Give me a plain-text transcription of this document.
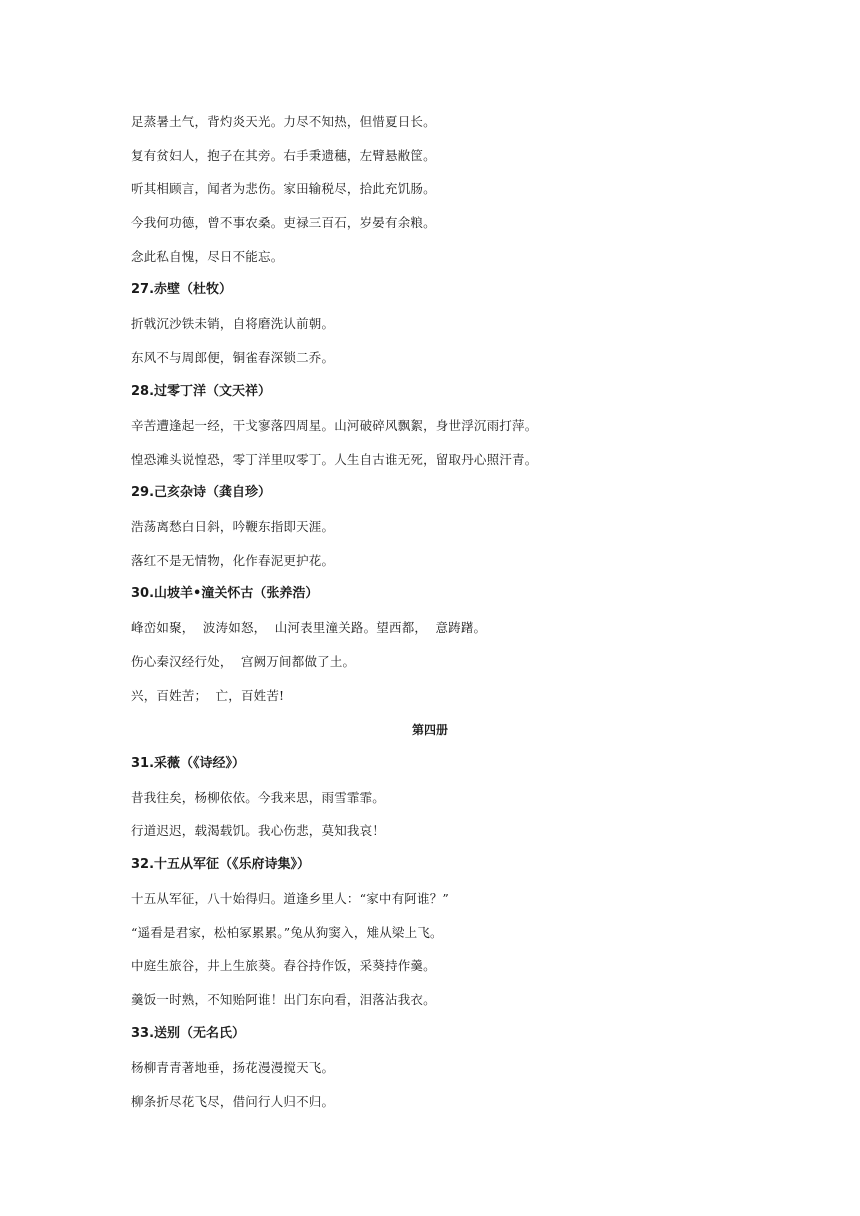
足蒸暑土气，背灼炎天光。力尽不知热，但惜夏日长。
复有贫妇人，抱子在其旁。右手秉遗穗，左臂悬敝筐。
听其相顾言，闻者为悲伤。家田输税尽，拾此充饥肠。
今我何功德，曾不事农桑。吏禄三百石，岁晏有余粮。
念此私自愧，尽日不能忘。
27.赤壁（杜牧）
折戟沉沙铁未销，自将磨洗认前朝。
东风不与周郎便，铜雀春深锁二乔。
28.过零丁洋（文天祥）
辛苦遭逢起一经，干戈寥落四周星。山河破碎风飘絮，身世浮沉雨打萍。
惶恐滩头说惶恐，零丁洋里叹零丁。人生自古谁无死，留取丹心照汗青。
29.己亥杂诗（龚自珍）
浩荡离愁白日斜，吟鞭东指即天涯。
落红不是无情物，化作春泥更护花。
30.山坡羊•潼关怀古（张养浩）
峰峦如聚，  波涛如怒，  山河表里潼关路。望西都，  意踌躇。
伤心秦汉经行处，  宫阙万间都做了土。
兴，百姓苦；  亡，百姓苦!
第四册
31.采薇（《诗经》）
昔我往矣，杨柳依依。今我来思，雨雪霏霏。
行道迟迟，载渴载饥。我心伤悲，莫知我哀！
32.十五从军征（《乐府诗集》）
十五从军征，八十始得归。道逢乡里人：“家中有阿谁？”
“遥看是君家，松柏冢累累。”兔从狗窦入，雉从梁上飞。
中庭生旅谷，井上生旅葵。舂谷持作饭，采葵持作羹。
羹饭一时熟，不知贻阿谁！出门东向看，泪落沾我衣。
33.送别（无名氏）
杨柳青青著地垂，扬花漫漫搅天飞。
柳条折尽花飞尽，借问行人归不归。
